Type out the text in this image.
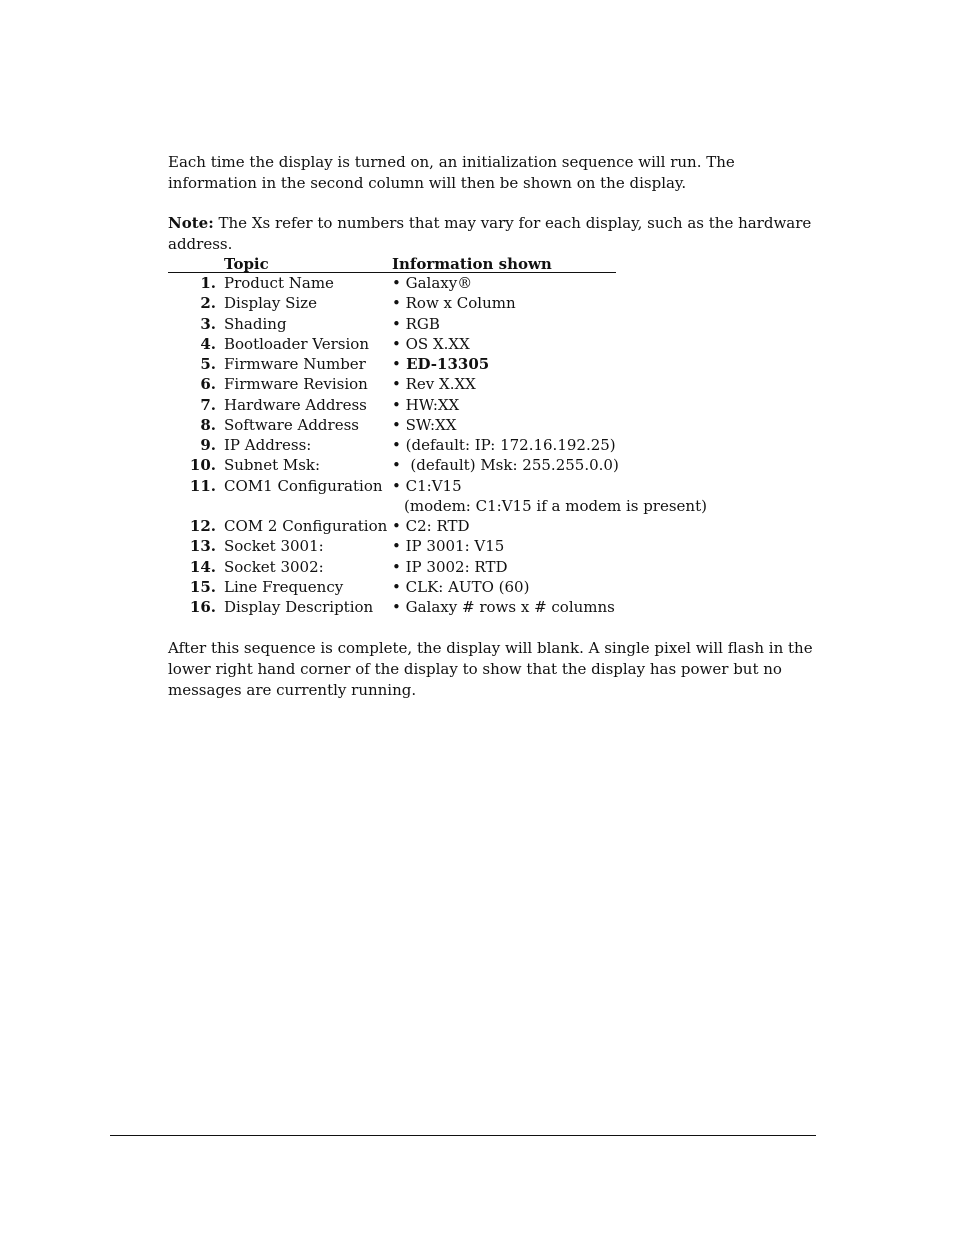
Each time the display is turned on, an initialization sequence will run. The information in the second column will then be shown on the display.

Note: The Xs refer to numbers that may vary for each display, such as the hardware address.

Topic	Information shown
1. Product Name	• Galaxy®
2. Display Size	• Row x Column
3. Shading	• RGB
4. Bootloader Version • OS X.XX
5. Firmware Number • ED-13305
6. Firmware Revision • Rev X.XX
7. Hardware Address • HW:XX
8. Software Address • SW:XX
9. IP Address:	• (default: IP: 172.16.192.25)
10. Subnet Msk:	•  (default) Msk: 255.255.0.0)
11. COM1 Configuration • C1:V15
(modem: C1:V15 if a modem is present)
12. COM 2 Configuration • C2: RTD
13. Socket 3001:	• IP 3001: V15
14. Socket 3002:	• IP 3002: RTD
15. Line Frequency	• CLK: AUTO (60)
16. Display Description • Galaxy # rows x # columns

After this sequence is complete, the display will blank. A single pixel will flash in the lower right hand corner of the display to show that the display has power but no messages are currently running.
